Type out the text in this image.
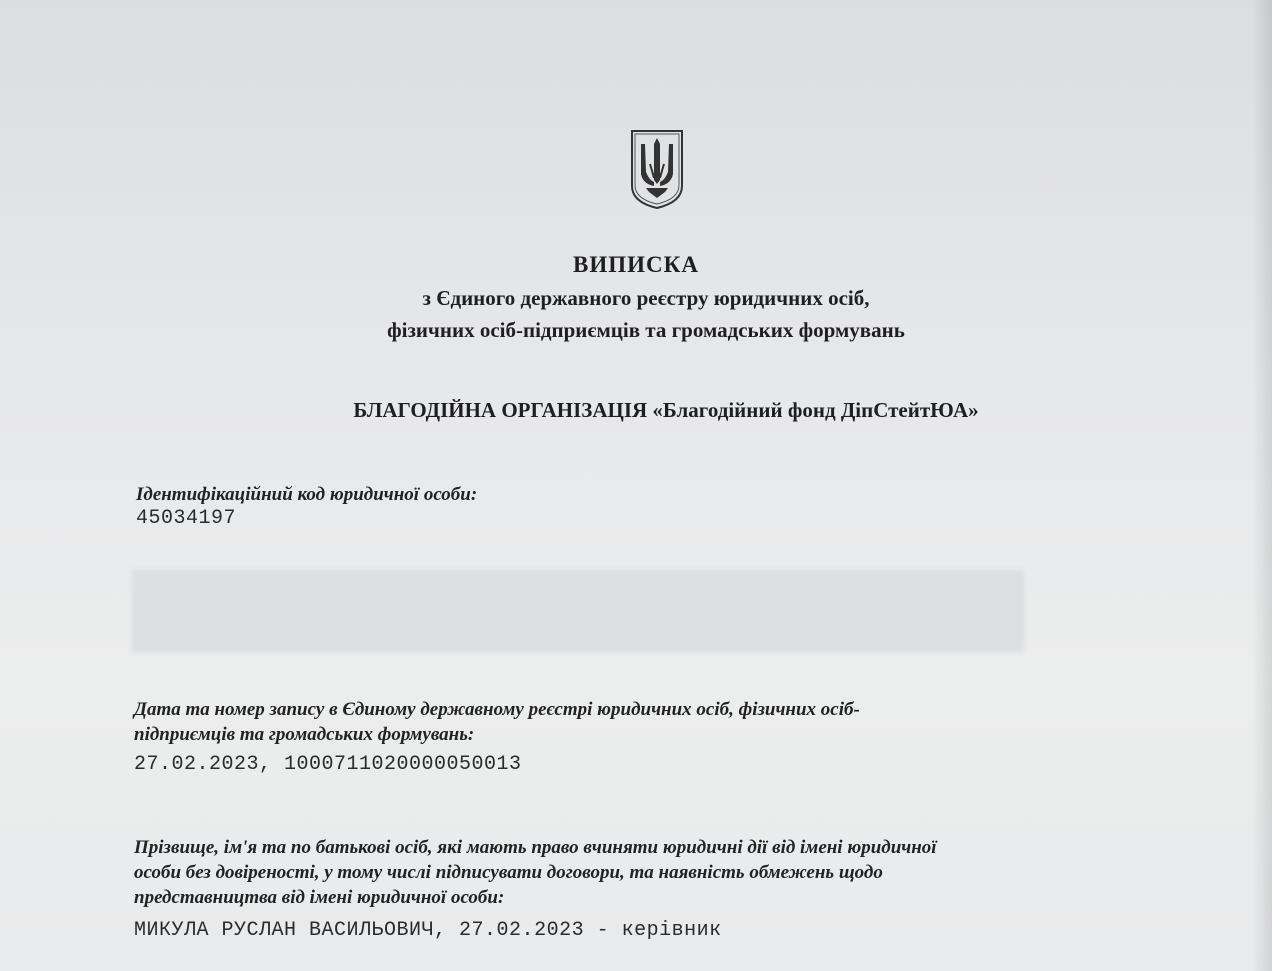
ВИПИСКА

з Єдиного державного реєстру юридичних осіб,

фізичних осіб-підприємців та громадських формувань

БЛАГОДІЙНА ОРГАНІЗАЦІЯ «Благодійний фонд ДіпСтейтЮА»

Ідентифікаційний код юридичної особи:

45034197

Дата та номер запису в Єдиному державному реєстрі юридичних осіб, фізичних осіб-
підприємців та громадських формувань:

27.02.2023, 1000711020000050013

Прізвище, ім'я та по батькові осіб, які мають право вчиняти юридичні дії від імені юридичної
особи без довіреності, у тому числі підписувати договори, та наявність обмежень щодо
представництва від імені юридичної особи:

МИКУЛА РУСЛАН ВАСИЛЬОВИЧ, 27.02.2023 - керівник
